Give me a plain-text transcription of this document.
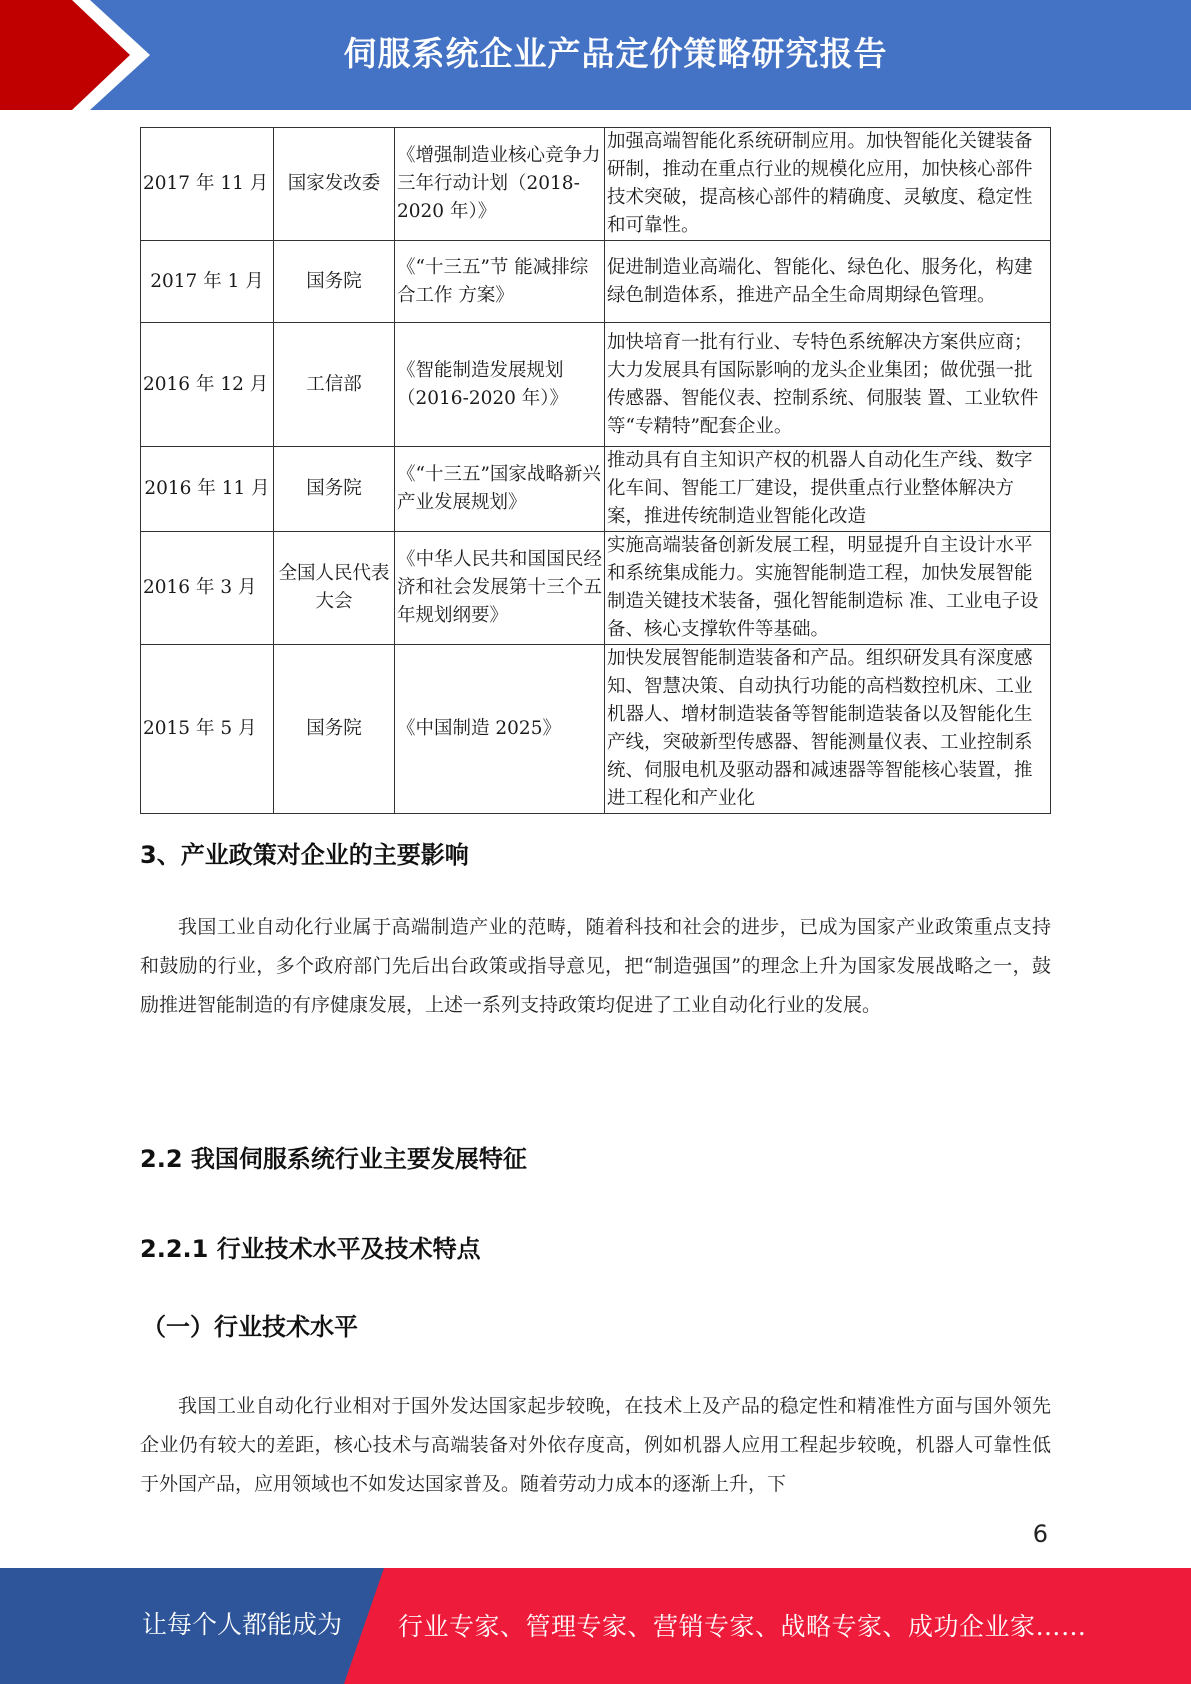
伺服系统企业产品定价策略研究报告
2017 年 11 月	国家发改委	《增强制造业核心竞争力三年行动计划（2018-2020 年）》	加强高端智能化系统研制应用。加快智能化关键装备研制，推动在重点行业的规模化应用，加快核心部件技术突破，提高核心部件的精确度、灵敏度、稳定性和可靠性。
2017 年 1 月	国务院	《“十三五”节 能减排综合工作 方案》	促进制造业高端化、智能化、绿色化、服务化，构建绿色制造体系，推进产品全生命周期绿色管理。
2016 年 12 月	工信部	《智能制造发展规划（2016-2020 年）》	加快培育一批有行业、专特色系统解决方案供应商；大力发展具有国际影响的龙头企业集团；做优强一批传感器、智能仪表、控制系统、伺服装 置、工业软件等“专精特”配套企业。
2016 年 11 月	国务院	《“十三五”国家战略新兴产业发展规划》	推动具有自主知识产权的机器人自动化生产线、数字化车间、智能工厂建设，提供重点行业整体解决方案，推进传统制造业智能化改造
2016 年 3 月	全国人民代表大会	《中华人民共和国国民经济和社会发展第十三个五年规划纲要》	实施高端装备创新发展工程，明显提升自主设计水平和系统集成能力。实施智能制造工程，加快发展智能制造关键技术装备，强化智能制造标 准、工业电子设备、核心支撑软件等基础。
2015 年 5 月	国务院	《中国制造 2025》	加快发展智能制造装备和产品。组织研发具有深度感知、智慧决策、自动执行功能的高档数控机床、工业机器人、增材制造装备等智能制造装备以及智能化生产线，突破新型传感器、智能测量仪表、工业控制系统、伺服电机及驱动器和减速器等智能核心装置，推进工程化和产业化
3、产业政策对企业的主要影响

我国工业自动化行业属于高端制造产业的范畴，随着科技和社会的进步，已成为国家产业政策重点支持和鼓励的行业，多个政府部门先后出台政策或指导意见，把“制造强国”的理念上升为国家发展战略之一，鼓励推进智能制造的有序健康发展，上述一系列支持政策均促进了工业自动化行业的发展。

2.2 我国伺服系统行业主要发展特征
2.2.1 行业技术水平及技术特点
（一）行业技术水平

我国工业自动化行业相对于国外发达国家起步较晚，在技术上及产品的稳定性和精准性方面与国外领先企业仍有较大的差距，核心技术与高端装备对外依存度高，例如机器人应用工程起步较晚，机器人可靠性低于外国产品，应用领域也不如发达国家普及。随着劳动力成本的逐渐上升，下

6
让每个人都能成为 行业专家、管理专家、营销专家、战略专家、成功企业家……
